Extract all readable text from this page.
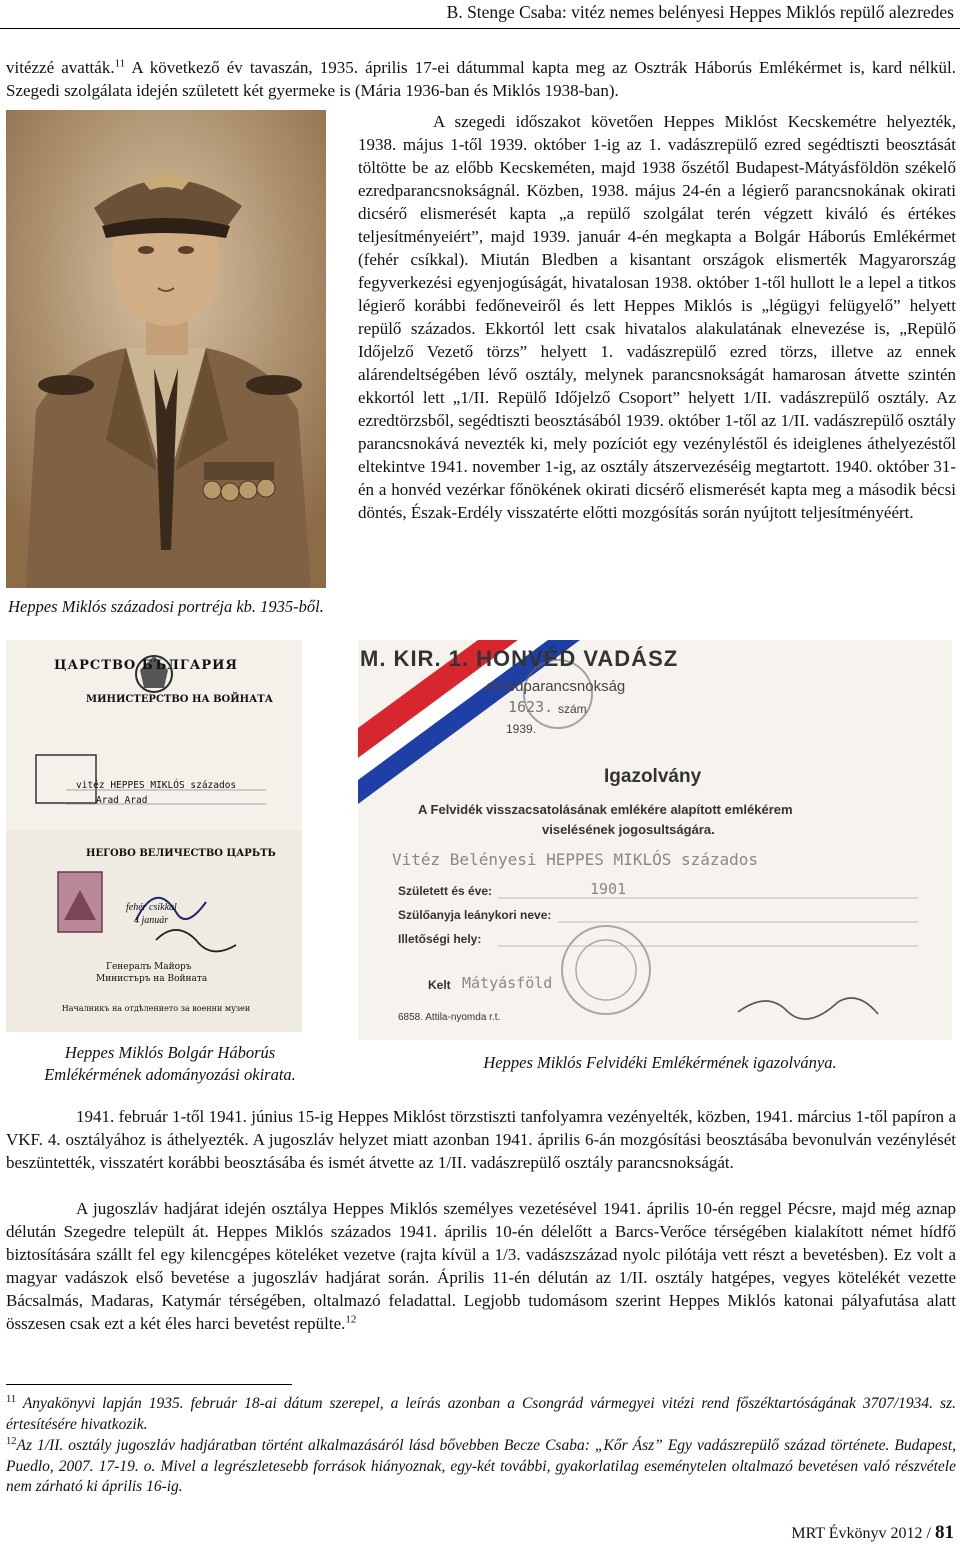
B. Stenge Csaba: vitéz nemes belényesi Heppes Miklós repülő alezredes

vitézzé avatták.$^{11}$ A következő év tavaszán, 1935. április 17-ei dátummal kapta meg az Osztrák Háborús Emlékérmet is, kard nélkül. Szegedi szolgálata idején született két gyermeke is (Mária 1936-ban és Miklós 1938-ban).

Heppes Miklós századosi portréja kb. 1935-ből.

A szegedi időszakot követően Heppes Miklóst Kecskemétre helyezték, 1938. május 1-től 1939. október 1-ig az 1. vadászrepülő ezred segédtiszti beosztását töltötte be az előbb Kecskeméten, majd 1938 őszétől Budapest-Mátyásföldön székelő ezredparancsnokságnál. Közben, 1938. május 24-én a légierő parancsnokának okirati dicsérő elismerését kapta „a repülő szolgálat terén végzett kiváló és értékes teljesítményeiért”, majd 1939. január 4-én megkapta a Bolgár Háborús Emlékérmet (fehér csíkkal). Miután Bledben a kisantant országok elismerték Magyarország fegyverkezési egyenjogúságát, hivatalosan 1938. október 1-től hullott le a lepel a titkos légierő korábbi fedőneveiről és lett Heppes Miklós is „légügyi felügyelő” helyett repülő százados. Ekkortól lett csak hivatalos alakulatának elnevezése is, „Repülő Időjelző Vezető törzs” helyett 1. vadászrepülő ezred törzs, illetve az ennek alárendeltségében lévő osztály, melynek parancsnokságát hamarosan átvette szintén ekkortól lett „1/II. Repülő Időjelző Csoport” helyett 1/II. vadászrepülő osztály. Az ezredtörzsből, segédtiszti beosztásából 1939. október 1-től az 1/II. vadászrepülő osztály parancsnokává nevezték ki, mely pozíciót egy vezényléstől és ideiglenes áthelyezéstől eltekintve 1941. november 1-ig, az osztály átszervezéséig megtartott. 1940. október 31-én a honvéd vezérkar főnökének okirati dicsérő elismerését kapta meg a második bécsi döntés, Észak-Erdély visszatérte előtti mozgósítás során nyújtott teljesítményéért.

ЦАРСТВО БЪЛГАРИЯ
МИНИСТЕРСТВО НА ВОЙНАТА
vitéz HEPPES MIKLÓS százados
Arad Arad
НЕГОВО ВЕЛИЧЕСТВО ЦАРЬТЬ
fehér csíkkal
4 január
Генералъ Майоръ
Министъръ на Войната
Началникъ на отдѣлението за военни музеи
Heppes Miklós Bolgár Háborús Emlékérmének adományozási okirata.
M. KIR. 1. HONVÉD VADÁSZ
ezredparancsnokság
1623. szám
1939.
Igazolvány
A Felvidék visszacsatolásának emlékére alapított emlékérem
viselésének jogosultságára.
Vitéz Belényesi HEPPES MIKLÓS százados
Született és éve:	1901
Szülőanyja leánykori neve:
Illetőségi hely:
Kelt Mátyásföld
6858. Attila-nyomda r.t.
Heppes Miklós Felvidéki Emlékérmének igazolványa.

1941. február 1-től 1941. június 15-ig Heppes Miklóst törzstiszti tanfolyamra vezényelték, közben, 1941. március 1-től papíron a VKF. 4. osztályához is áthelyezték. A jugoszláv helyzet miatt azonban 1941. április 6-án mozgósítási beosztásába bevonulván vezénylését beszüntették, visszatért korábbi beosztásába és ismét átvette az 1/II. vadászrepülő osztály parancsnokságát.

A jugoszláv hadjárat idején osztálya Heppes Miklós személyes vezetésével 1941. április 10-én reggel Pécsre, majd még aznap délután Szegedre települt át. Heppes Miklós százados 1941. április 10-én délelőtt a Barcs-Verőce térségében kialakított német hídfő biztosítására szállt fel egy kilencgépes köteléket vezetve (rajta kívül a 1/3. vadászszázad nyolc pilótája vett részt a bevetésben). Ez volt a magyar vadászok első bevetése a jugoszláv hadjárat során. Április 11-én délután az 1/II. osztály hatgépes, vegyes kötelékét vezette Bácsalmás, Madaras, Katymár térségében, oltalmazó feladattal. Legjobb tudomásom szerint Heppes Miklós katonai pályafutása alatt összesen csak ezt a két éles harci bevetést repülte.$^{12}$

$^{11}$ Anyakönyvi lapján 1935. február 18-ai dátum szerepel, a leírás azonban a Csongrád vármegyei vitézi rend főszéktartóságának 3707/1934. sz. értesítésére hivatkozik.

$^{12}$Az 1/II. osztály jugoszláv hadjáratban történt alkalmazásáról lásd bővebben Becze Csaba: „Kőr Ász” Egy vadászrepülő század története. Budapest, Puedlo, 2007. 17-19. o. Mivel a legrészletesebb források hiányoznak, egy-két további, gyakorlatilag eseménytelen oltalmazó bevetésen való részvétele nem zárható ki április 16-ig.

MRT Évkönyv 2012 / 81
